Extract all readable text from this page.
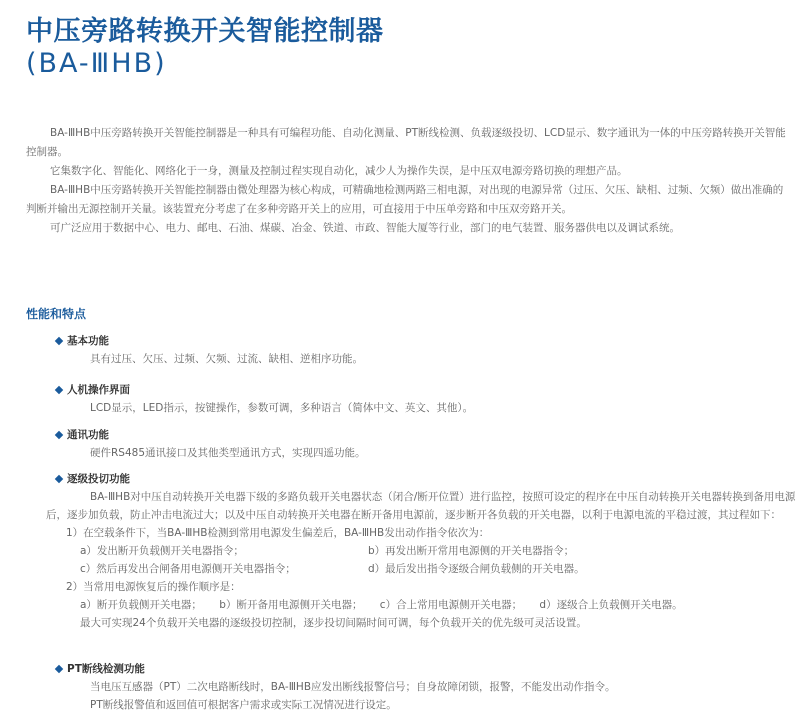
中压旁路转换开关智能控制器
(BA-ⅢHB)

BA-ⅢHB中压旁路转换开关智能控制器是一种具有可编程功能、自动化测量、PT断线检测、负载逐级投切、LCD显示、数字通讯为一体的中压旁路转换开关智能控制器。

它集数字化、智能化、网络化于一身，测量及控制过程实现自动化，减少人为操作失误，是中压双电源旁路切换的理想产品。

BA-ⅢHB中压旁路转换开关智能控制器由微处理器为核心构成，可精确地检测两路三相电源，对出现的电源异常（过压、欠压、缺相、过频、欠频）做出准确的判断并输出无源控制开关量。该装置充分考虑了在多种旁路开关上的应用，可直接用于中压单旁路和中压双旁路开关。

可广泛应用于数据中心、电力、邮电、石油、煤碳、冶金、铁道、市政、智能大厦等行业，部门的电气装置、服务器供电以及调试系统。

性能和特点
基本功能

具有过压、欠压、过频、欠频、过流、缺相、逆相序功能。

人机操作界面

LCD显示，LED指示，按键操作，参数可调，多种语言（简体中文、英文、其他）。

通讯功能

硬件RS485通讯接口及其他类型通讯方式，实现四遥功能。

逐级投切功能

BA-ⅢHB对中压自动转换开关电器下级的多路负载开关电器状态（闭合/断开位置）进行监控，按照可设定的程序在中压自动转换开关电器转换到备用电源后，逐步加负载，防止冲击电流过大；以及中压自动转换开关电器在断开备用电源前，逐步断开各负载的开关电器，以利于电源电流的平稳过渡，其过程如下：

1）在空载条件下，当BA-ⅢHB检测到常用电源发生偏差后，BA-ⅢHB发出动作指令依次为：
a）发出断开负载侧开关电器指令；	b）再发出断开常用电源侧的开关电器指令；
c）然后再发出合闸备用电源侧开关电器指令；	d）最后发出指令逐级合闸负载侧的开关电器。
2）当常用电源恢复后的操作顺序是：
a）断开负载侧开关电器； b）断开备用电源侧开关电器； c）合上常用电源侧开关电器； d）逐级合上负载侧开关电器。
最大可实现24个负载开关电器的逐级投切控制，逐步投切间隔时间可调，每个负载开关的优先级可灵活设置。
PT断线检测功能

当电压互感器（PT）二次电路断线时，BA-ⅢHB应发出断线报警信号；自身故障闭锁，报警，不能发出动作指令。

PT断线报警值和返回值可根据客户需求或实际工况情况进行设定。
